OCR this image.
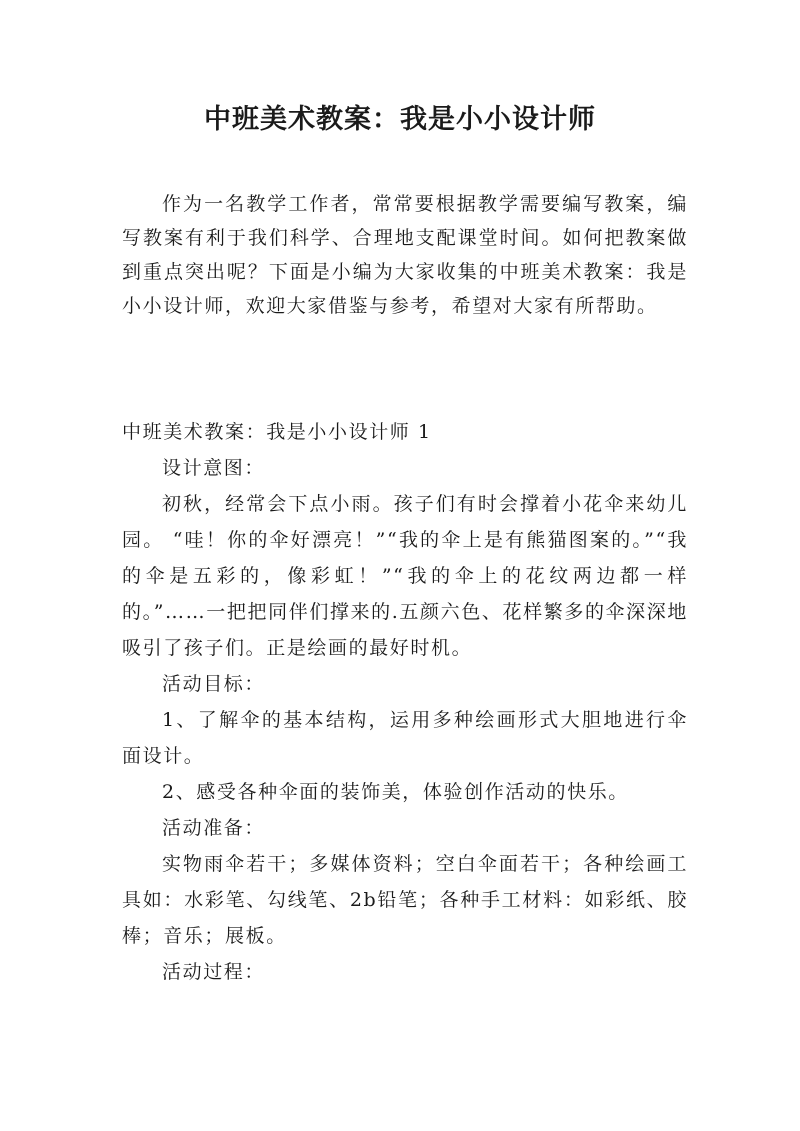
中班美术教案：我是小小设计师

作为一名教学工作者，常常要根据教学需要编写教案，编写教案有利于我们科学、合理地支配课堂时间。如何把教案做到重点突出呢？下面是小编为大家收集的中班美术教案：我是小小设计师，欢迎大家借鉴与参考，希望对大家有所帮助。

中班美术教案：我是小小设计师 1

设计意图：

初秋，经常会下点小雨。孩子们有时会撑着小花伞来幼儿园。 “哇！你的伞好漂亮！”“我的伞上是有熊猫图案的。”“我的伞是五彩的，像彩虹！”“我的伞上的花纹两边都一样的。”……一把把同伴们撑来的.五颜六色、花样繁多的伞深深地吸引了孩子们。正是绘画的最好时机。

活动目标：

1、了解伞的基本结构，运用多种绘画形式大胆地进行伞面设计。

2、感受各种伞面的装饰美，体验创作活动的快乐。

活动准备：

实物雨伞若干；多媒体资料；空白伞面若干；各种绘画工具如：水彩笔、勾线笔、2b铅笔；各种手工材料：如彩纸、胶棒；音乐；展板。

活动过程：
